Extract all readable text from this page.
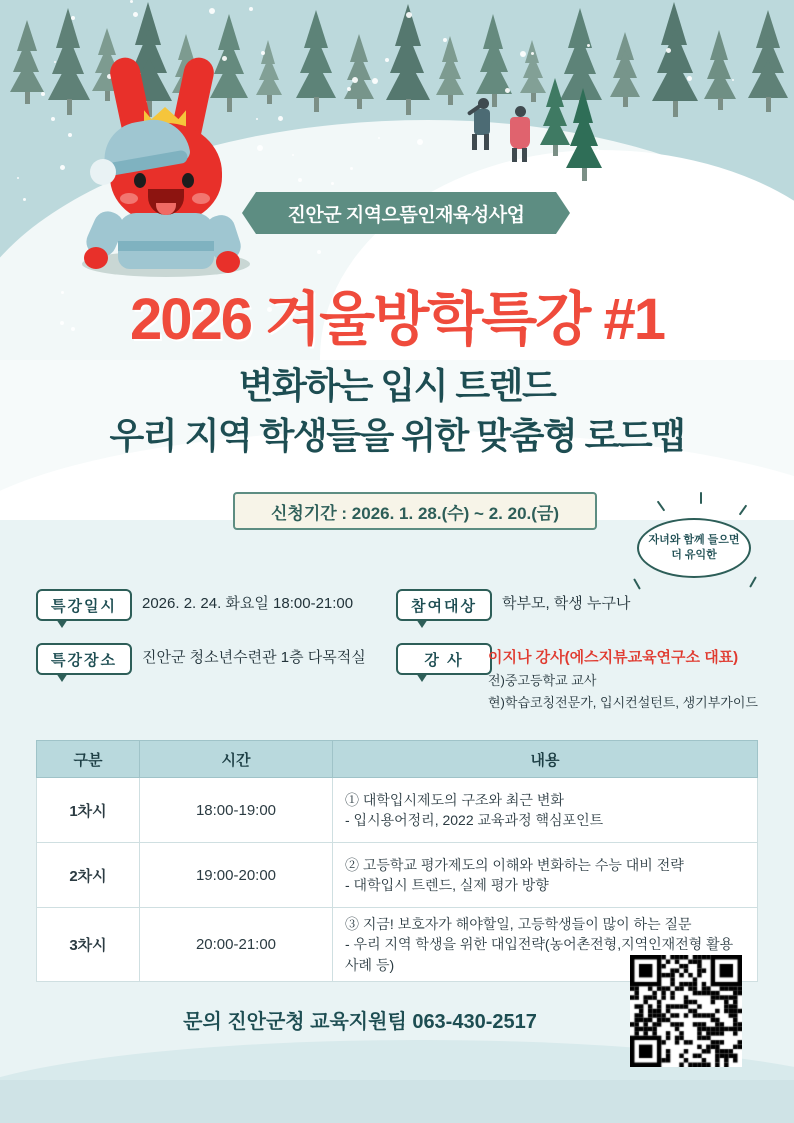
진안군 지역으뜸인재육성사업
2026 겨울방학특강 #1
변화하는 입시 트렌드
우리 지역 학생들을 위한 맞춤형 로드맵
신청기간 : 2026. 1. 28.(수) ~ 2. 20.(금)
자녀와 함께 들으면
더 유익한
특강일시	2026. 2. 24. 화요일 18:00-21:00
특강장소	진안군 청소년수련관 1층 다목적실
참여대상	학부모, 학생 누구나
강 사	이지나 강사(에스지뷰교육연구소 대표)
전)중고등학교 교사
현)학습코칭전문가, 입시컨설턴트, 생기부가이드
구분	시간	내용
1차시	18:00-19:00	① 대학입시제도의 구조와 최근 변화
- 입시용어정리, 2022 교육과정 핵심포인트

2차시	19:00-20:00	② 고등학교 평가제도의 이해와 변화하는 수능 대비 전략
- 대학입시 트렌드, 실제 평가 방향

3차시	20:00-21:00	③ 지금! 보호자가 해야할일, 고등학생들이 많이 하는 질문
- 우리 지역 학생을 위한 대입전략(농어촌전형,지역인재전형 활용사례 등)
문의 진안군청 교육지원팀 063-430-2517
